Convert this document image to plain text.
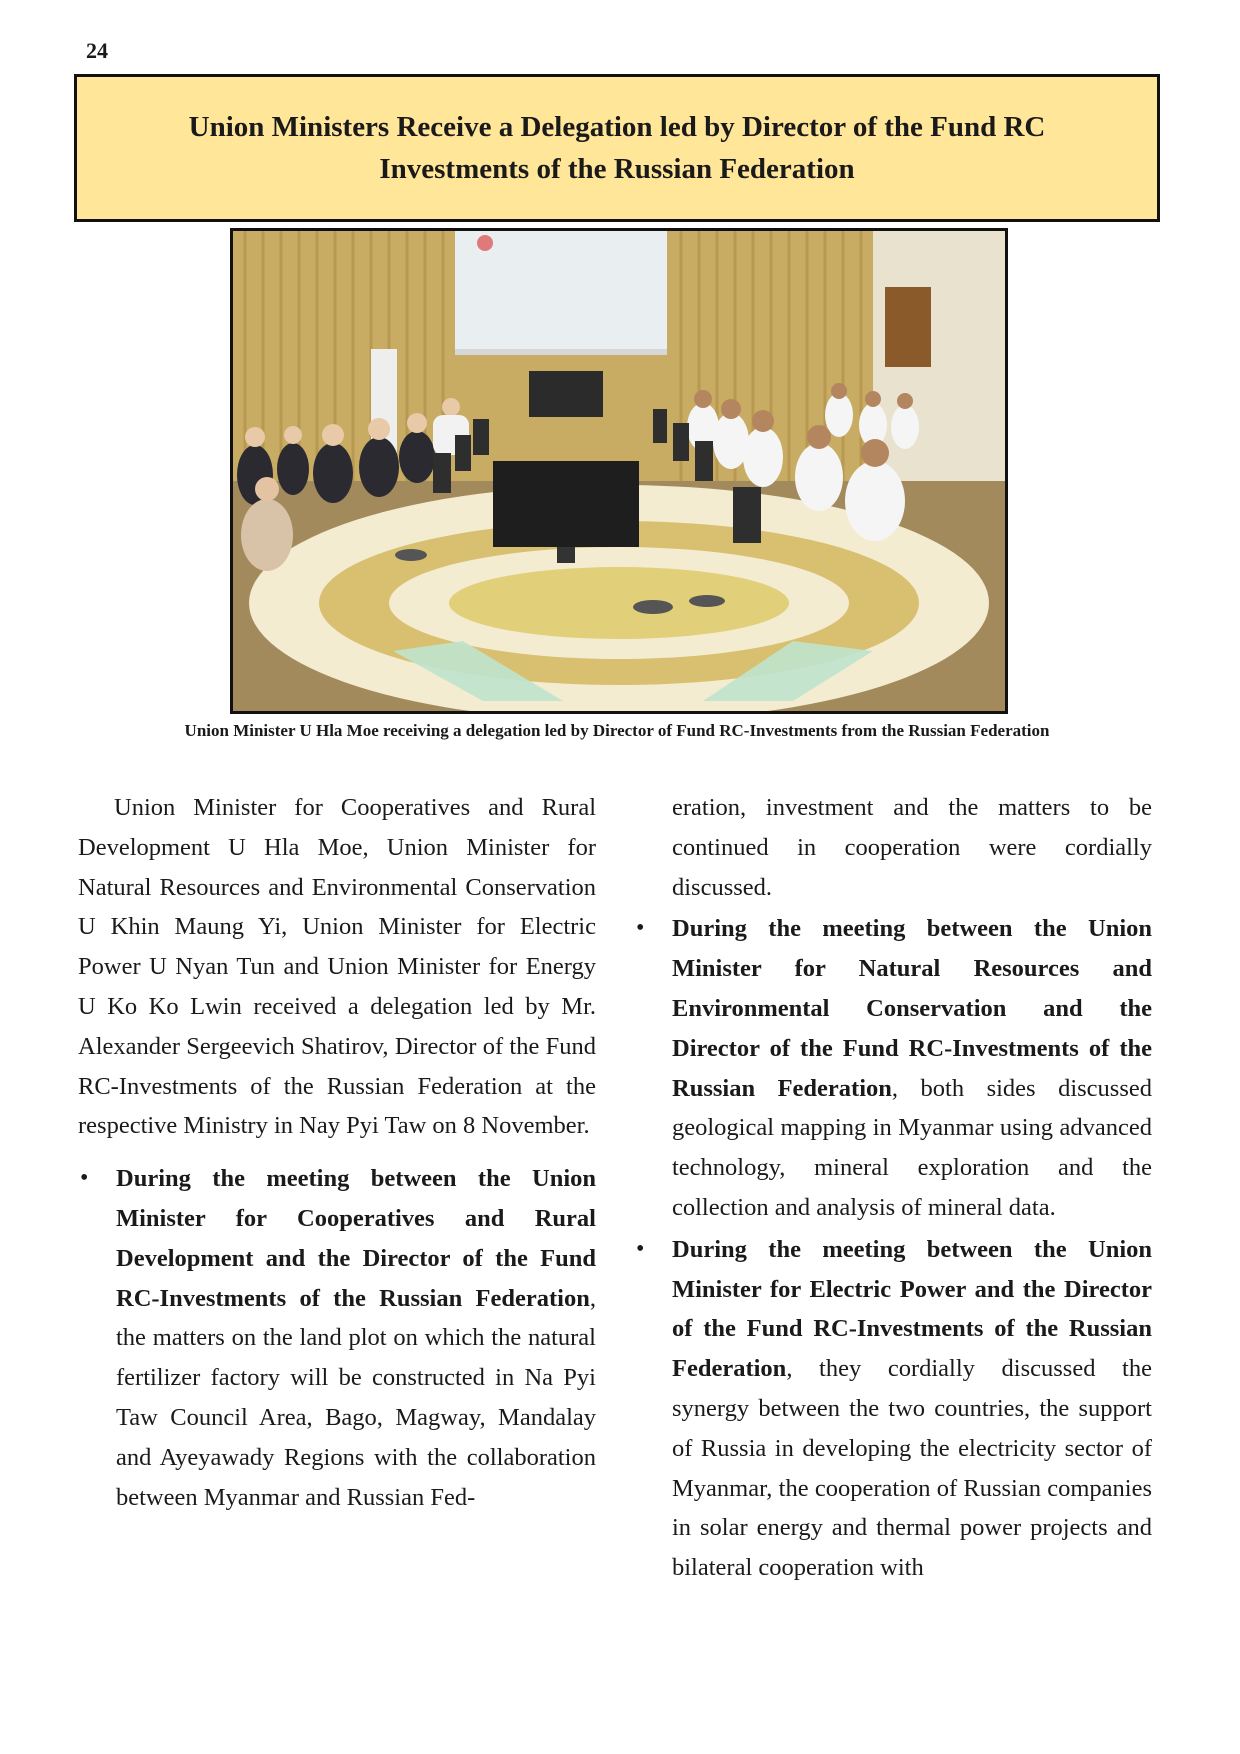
24
Union Ministers Receive a Delegation led by Director of the Fund RC Investments of the Russian Federation
Union Minister U Hla Moe receiving a delegation led by Director of Fund RC-Investments from the Russian Federation

Union Minister for Cooperatives and Rural Development U Hla Moe, Union Minister for Natural Resources and Environmental Conservation U Khin Maung Yi, Union Minister for Electric Power U Nyan Tun and Union Minister for Energy U Ko Ko Lwin received a delegation led by Mr. Alexander Sergeevich Shatirov, Director of the Fund RC-Investments of the Russian Federation at the respective Ministry in Nay Pyi Taw on 8 November.

• During the meeting between the Union Minister for Cooperatives and Rural Development and the Director of the Fund RC-Investments of the Russian Federation, the matters on the land plot on which the natural fertilizer factory will be constructed in Na Pyi Taw Council Area, Bago, Magway, Mandalay and Ayeyawady Regions with the collaboration between Myanmar and Russian Fed-

eration, investment and the matters to be continued in cooperation were cordially discussed.

• During the meeting between the Union Minister for Natural Resources and Environmental Conservation and the Director of the Fund RC-Investments of the Russian Federation, both sides discussed geological mapping in Myanmar using advanced technology, mineral exploration and the collection and analysis of mineral data.
• During the meeting between the Union Minister for Electric Power and the Director of the Fund RC-Investments of the Russian Federation, they cordially discussed the synergy between the two countries, the support of Russia in developing the electricity sector of Myanmar, the cooperation of Russian companies in solar energy and thermal power projects and bilateral cooperation with
